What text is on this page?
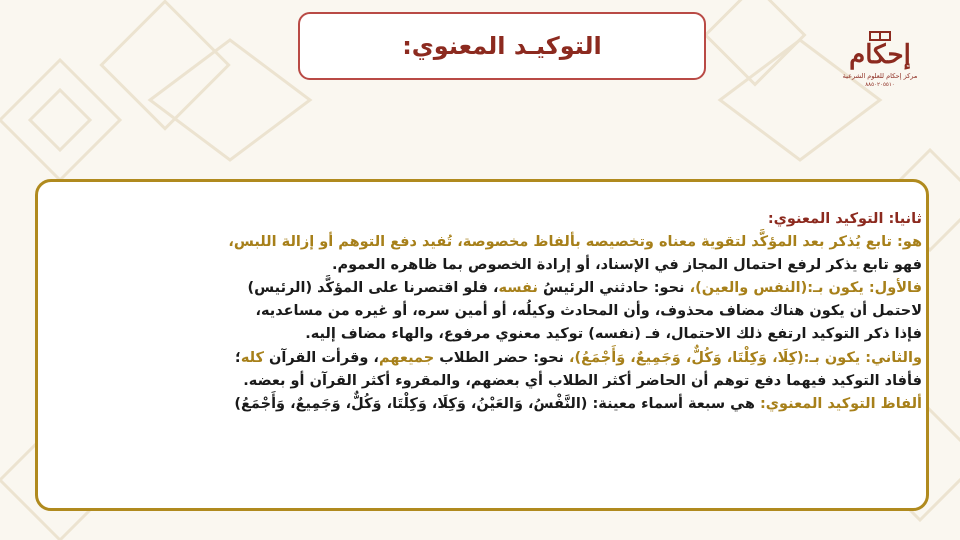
إحكام
مركز إحكام للعلوم الشرعية
٨٨٥٠٢٠٥٥١٠
التوكيـد المعنوي:
ثانيا: التوكيد المعنوي:
هو: تابع يُذكر بعد المؤكَّد لتقوية معناه وتخصيصه بألفاظ مخصوصة، تُفيد دفع التوهم أو إزالة اللبس،
فهو تابع يذكر لرفع احتمال المجاز في الإسناد، أو إرادة الخصوص بما ظاهره العموم.
فالأول: يكون بـ:(النفس والعين)، نحو: حادثني الرئيسُ نفسه، فلو اقتصرنا على المؤكَّد (الرئيس)
لاحتمل أن يكون هناك مضاف محذوف، وأن المحادث وكيلُه، أو أمين سره، أو غيره من مساعديه،
فإذا ذكر التوكيد ارتفع ذلك الاحتمال، فـ (نفسه) توكيد معنوي مرفوع، والهاء مضاف إليه.
والثاني: يكون بـ:(كِلَا، وَكِلْتَا، وَكُلٌّ، وَجَمِيعٌ، وَأَجْمَعُ)، نحو: حضر الطلاب جميعهم، وقرأت القرآن كله؛
فأفاد التوكيد فيهما دفع توهم أن الحاضر أكثر الطلاب أي بعضهم، والمقروء أكثر القرآن أو بعضه.
ألفاظ التوكيد المعنوي: هي سبعة أسماء معينة: (النَّفْسُ، وَالعَيْنُ، وَكِلَا، وَكِلْتَا، وَكُلٌّ، وَجَمِيعٌ، وَأَجْمَعُ)
